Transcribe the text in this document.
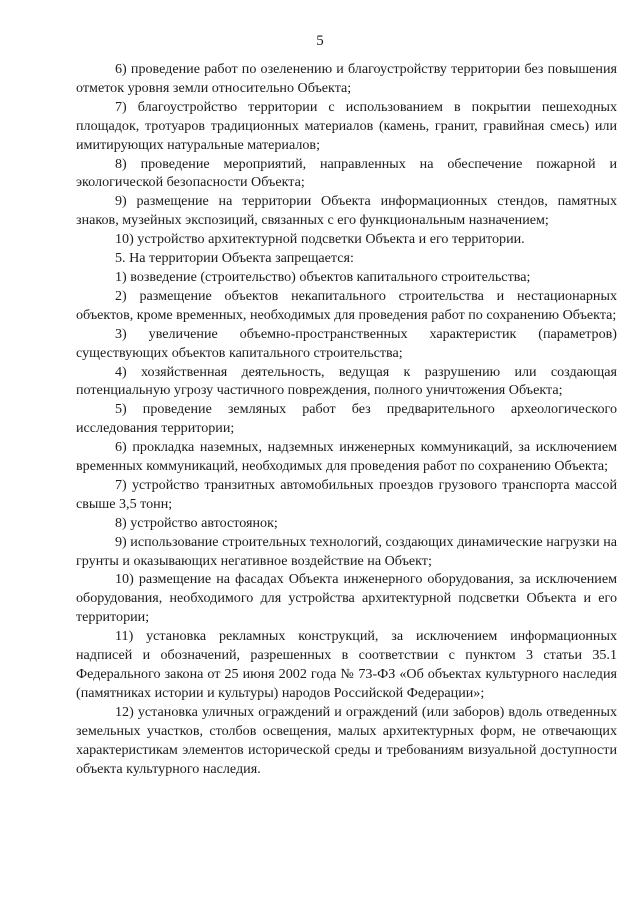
5

6) проведение работ по озеленению и благоустройству территории без повышения отметок уровня земли относительно Объекта;

7) благоустройство территории с использованием в покрытии пешеходных площадок, тротуаров традиционных материалов (камень, гранит, гравийная смесь) или имитирующих натуральные материалов;

8) проведение мероприятий, направленных на обеспечение пожарной и экологической безопасности Объекта;

9) размещение на территории Объекта информационных стендов, памятных знаков, музейных экспозиций, связанных с его функциональным назначением;

10) устройство архитектурной подсветки Объекта и его территории.

5. На территории Объекта запрещается:

1) возведение (строительство) объектов капитального строительства;

2) размещение объектов некапитального строительства и нестационарных объектов, кроме временных, необходимых для проведения работ по сохранению Объекта;

3) увеличение объемно-пространственных характеристик (параметров) существующих объектов капитального строительства;

4) хозяйственная деятельность, ведущая к разрушению или создающая потенциальную угрозу частичного повреждения, полного уничтожения Объекта;

5) проведение земляных работ без предварительного археологического исследования территории;

6) прокладка наземных, надземных инженерных коммуникаций, за исключением временных коммуникаций, необходимых для проведения работ по сохранению Объекта;

7) устройство транзитных автомобильных проездов грузового транспорта массой свыше 3,5 тонн;

8) устройство автостоянок;

9) использование строительных технологий, создающих динамические нагрузки на грунты и оказывающих негативное воздействие на Объект;

10) размещение на фасадах Объекта инженерного оборудования, за исключением оборудования, необходимого для устройства архитектурной подсветки Объекта и его территории;

11) установка рекламных конструкций, за исключением информационных надписей и обозначений, разрешенных в соответствии с пунктом 3 статьи 35.1 Федерального закона от 25 июня 2002 года № 73-ФЗ «Об объектах культурного наследия (памятниках истории и культуры) народов Российской Федерации»;

12) установка уличных ограждений и ограждений (или заборов) вдоль отведенных земельных участков, столбов освещения, малых архитектурных форм, не отвечающих характеристикам элементов исторической среды и требованиям визуальной доступности объекта культурного наследия.
